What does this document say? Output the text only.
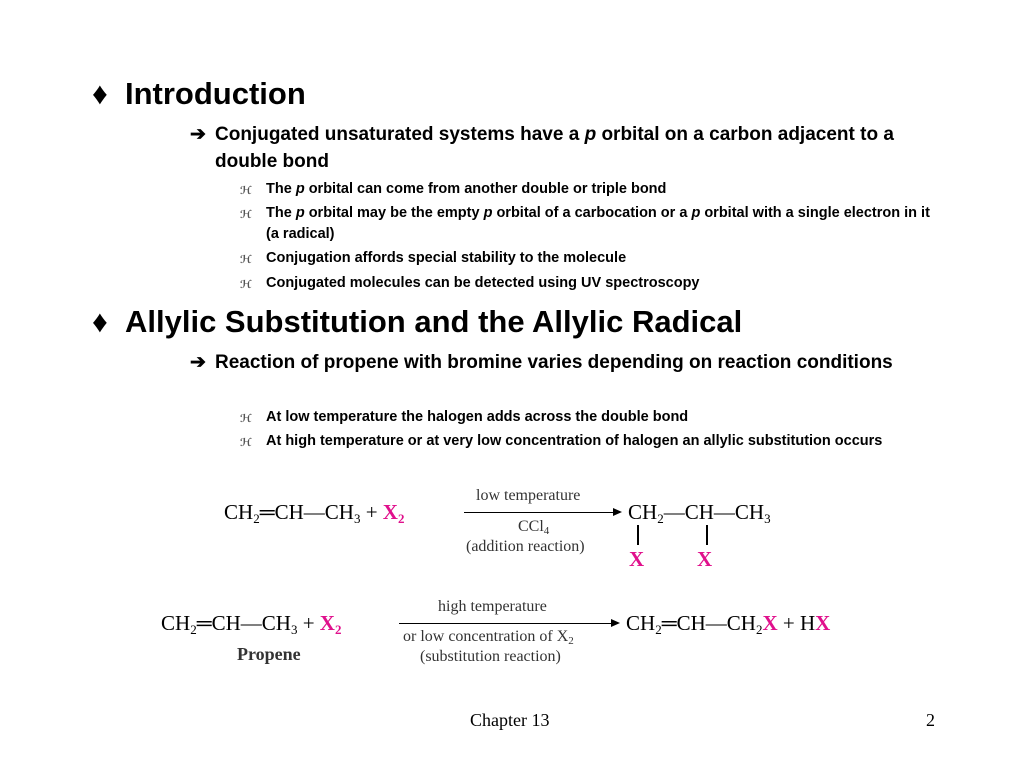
♦ Introduction
➔ Conjugated unsaturated systems have a p orbital on a carbon adjacent to a double bond
ℋ The p orbital can come from another double or triple bond
ℋ The p orbital may be the empty p orbital of a carbocation or a p orbital with a single electron in it (a radical)
ℋ Conjugation affords special stability to the molecule
ℋ Conjugated molecules can be detected using UV spectroscopy
♦ Allylic Substitution and the Allylic Radical
➔ Reaction of propene with bromine varies depending on reaction conditions
ℋ At low temperature the halogen adds across the double bond
ℋ At high temperature or at very low concentration of halogen an allylic substitution occurs
$CH_2═CH—CH_3 + X_2$
low temperature
CCl$_4$
(addition reaction)
$CH_2—CH—CH_3$
X	X
$CH_2═CH—CH_3 + X_2$
Propene
high temperature
or low concentration of $X_2$
(substitution reaction)
$CH_2═CH—CH_2X$ + HX
Chapter 13	2
